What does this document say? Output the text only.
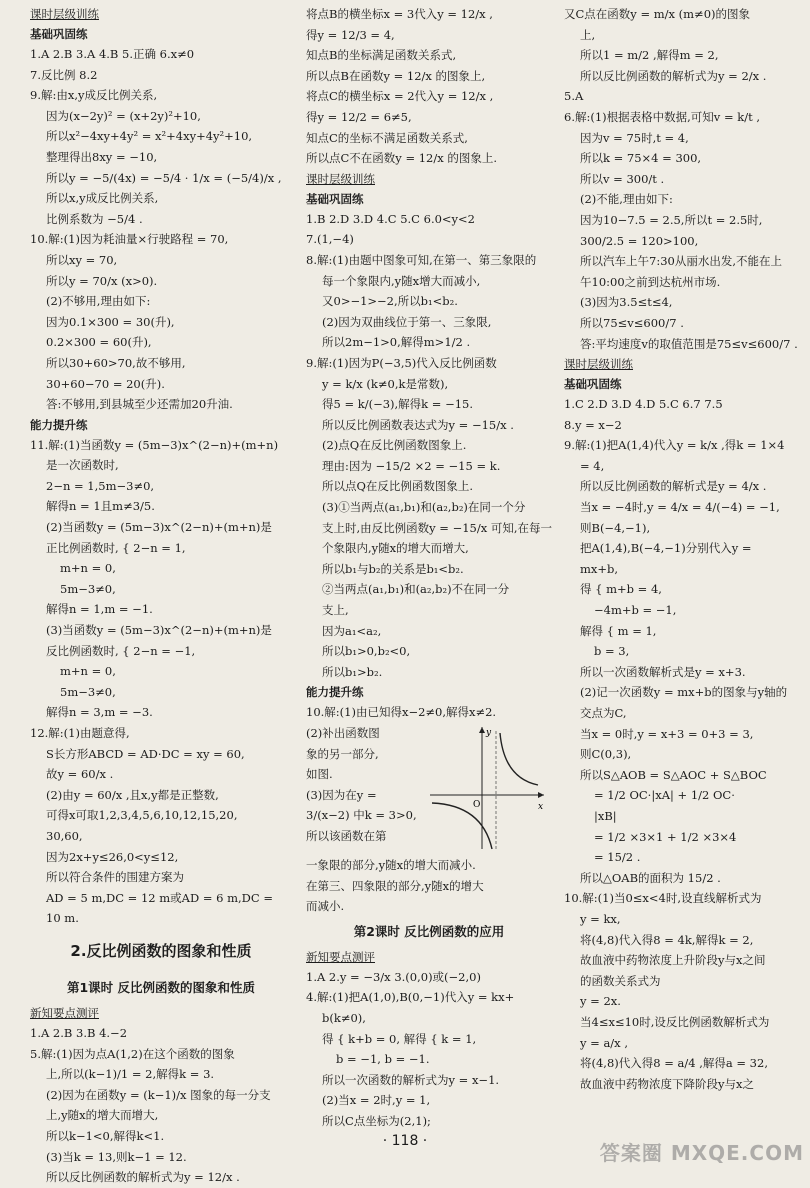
课时层级训练
基础巩固练
1.A 2.B 3.A 4.B 5.正确 6.x≠0
7.反比例 8.2
9.解:由x,y成反比例关系,
因为(x−2y)² = (x+2y)²+10,
所以x²−4xy+4y² = x²+4xy+4y²+10,
整理得出8xy = −10,
所以y = −5/(4x) = −5/4 · 1/x = (−5/4)/x ,
所以x,y成反比例关系,
比例系数为 −5/4 .
10.解:(1)因为耗油量×行驶路程 = 70,
所以xy = 70,
所以y = 70/x (x>0).
(2)不够用,理由如下:
因为0.1×300 = 30(升),
0.2×300 = 60(升),
所以30+60>70,故不够用,
30+60−70 = 20(升).
答:不够用,到县城至少还需加20升油.
能力提升练
11.解:(1)当函数y = (5m−3)x^(2−n)+(m+n)
是一次函数时,
2−n = 1,5m−3≠0,
解得n = 1且m≠3/5.
(2)当函数y = (5m−3)x^(2−n)+(m+n)是
正比例函数时, { 2−n = 1,
m+n = 0,
5m−3≠0,
解得n = 1,m = −1.
(3)当函数y = (5m−3)x^(2−n)+(m+n)是
反比例函数时, { 2−n = −1,
m+n = 0,
5m−3≠0,
解得n = 3,m = −3.
12.解:(1)由题意得,
S长方形ABCD = AD·DC = xy = 60,
故y = 60/x .
(2)由y = 60/x ,且x,y都是正整数,
可得x可取1,2,3,4,5,6,10,12,15,20,
30,60,
因为2x+y≤26,0<y≤12,
所以符合条件的围建方案为
AD = 5 m,DC = 12 m或AD = 6 m,DC =
10 m.
2.反比例函数的图象和性质
第1课时 反比例函数的图象和性质
新知要点测评
1.A 2.B 3.B 4.−2
5.解:(1)因为点A(1,2)在这个函数的图象
上,所以(k−1)/1 = 2,解得k = 3.
(2)因为在函数y = (k−1)/x 图象的每一分支
上,y随x的增大而增大,
所以k−1<0,解得k<1.
(3)当k = 13,则k−1 = 12.
所以反比例函数的解析式为y = 12/x .
将点B的横坐标x = 3代入y = 12/x ,
得y = 12/3 = 4,
知点B的坐标满足函数关系式,
所以点B在函数y = 12/x 的图象上,
将点C的横坐标x = 2代入y = 12/x ,
得y = 12/2 = 6≠5,
知点C的坐标不满足函数关系式,
所以点C不在函数y = 12/x 的图象上.
课时层级训练
基础巩固练
1.B 2.D 3.D 4.C 5.C 6.0<y<2
7.(1,−4)
8.解:(1)由题中图象可知,在第一、第三象限的
每一个象限内,y随x增大而减小,
又0>−1>−2,所以b₁<b₂.
(2)因为双曲线位于第一、三象限,
所以2m−1>0,解得m>1/2 .
9.解:(1)因为P(−3,5)代入反比例函数
y = k/x (k≠0,k是常数),
得5 = k/(−3),解得k = −15.
所以反比例函数表达式为y = −15/x .
(2)点Q在反比例函数图象上.
理由:因为 −15/2 ×2 = −15 = k.
所以点Q在反比例函数图象上.
(3)①当两点(a₁,b₁)和(a₂,b₂)在同一个分
支上时,由反比例函数y = −15/x 可知,在每一
个象限内,y随x的增大而增大,
所以b₁与b₂的关系是b₁<b₂.
②当两点(a₁,b₁)和(a₂,b₂)不在同一分
支上,
因为a₁<a₂,
所以b₁>0,b₂<0,
所以b₁>b₂.
能力提升练
10.解:(1)由已知得x−2≠0,解得x≠2.
(2)补出函数图
象的另一部分,
如图.
(3)因为在y =
3/(x−2) 中k = 3>0,
所以该函数在第
x
y
O
一象限的部分,y随x的增大而减小.
在第三、四象限的部分,y随x的增大
而减小.
第2课时 反比例函数的应用
新知要点测评
1.A 2.y = −3/x 3.(0,0)或(−2,0)
4.解:(1)把A(1,0),B(0,−1)代入y = kx+
b(k≠0),
得 { k+b = 0, 解得 { k = 1,
b = −1, b = −1.
所以一次函数的解析式为y = x−1.
(2)当x = 2时,y = 1,
所以C点坐标为(2,1);
又C点在函数y = m/x (m≠0)的图象
上,
所以1 = m/2 ,解得m = 2,
所以反比例函数的解析式为y = 2/x .
5.A
6.解:(1)根据表格中数据,可知v = k/t ,
因为v = 75时,t = 4,
所以k = 75×4 = 300,
所以v = 300/t .
(2)不能,理由如下:
因为10−7.5 = 2.5,所以t = 2.5时,
300/2.5 = 120>100,
所以汽车上午7:30从丽水出发,不能在上
午10:00之前到达杭州市场.
(3)因为3.5≤t≤4,
所以75≤v≤600/7 .
答:平均速度v的取值范围是75≤v≤600/7 .
课时层级训练
基础巩固练
1.C 2.D 3.D 4.D 5.C 6.7 7.5
8.y = x−2
9.解:(1)把A(1,4)代入y = k/x ,得k = 1×4
= 4,
所以反比例函数的解析式是y = 4/x .
当x = −4时,y = 4/x = 4/(−4) = −1,
则B(−4,−1),
把A(1,4),B(−4,−1)分别代入y =
mx+b,
得 { m+b = 4,
−4m+b = −1,
解得 { m = 1,
b = 3,
所以一次函数解析式是y = x+3.
(2)记一次函数y = mx+b的图象与y轴的
交点为C,
当x = 0时,y = x+3 = 0+3 = 3,
则C(0,3),
所以S△AOB = S△AOC + S△BOC
= 1/2 OC·|xA| + 1/2 OC·
|xB|
= 1/2 ×3×1 + 1/2 ×3×4
= 15/2 .
所以△OAB的面积为 15/2 .
10.解:(1)当0≤x<4时,设直线解析式为
y = kx,
将(4,8)代入得8 = 4k,解得k = 2,
故血液中药物浓度上升阶段y与x之间
的函数关系式为
y = 2x.
当4≤x≤10时,设反比例函数解析式为
y = a/x ,
将(4,8)代入得8 = a/4 ,解得a = 32,
故血液中药物浓度下降阶段y与x之
· 118 ·	答案圈 MXQE.COM
